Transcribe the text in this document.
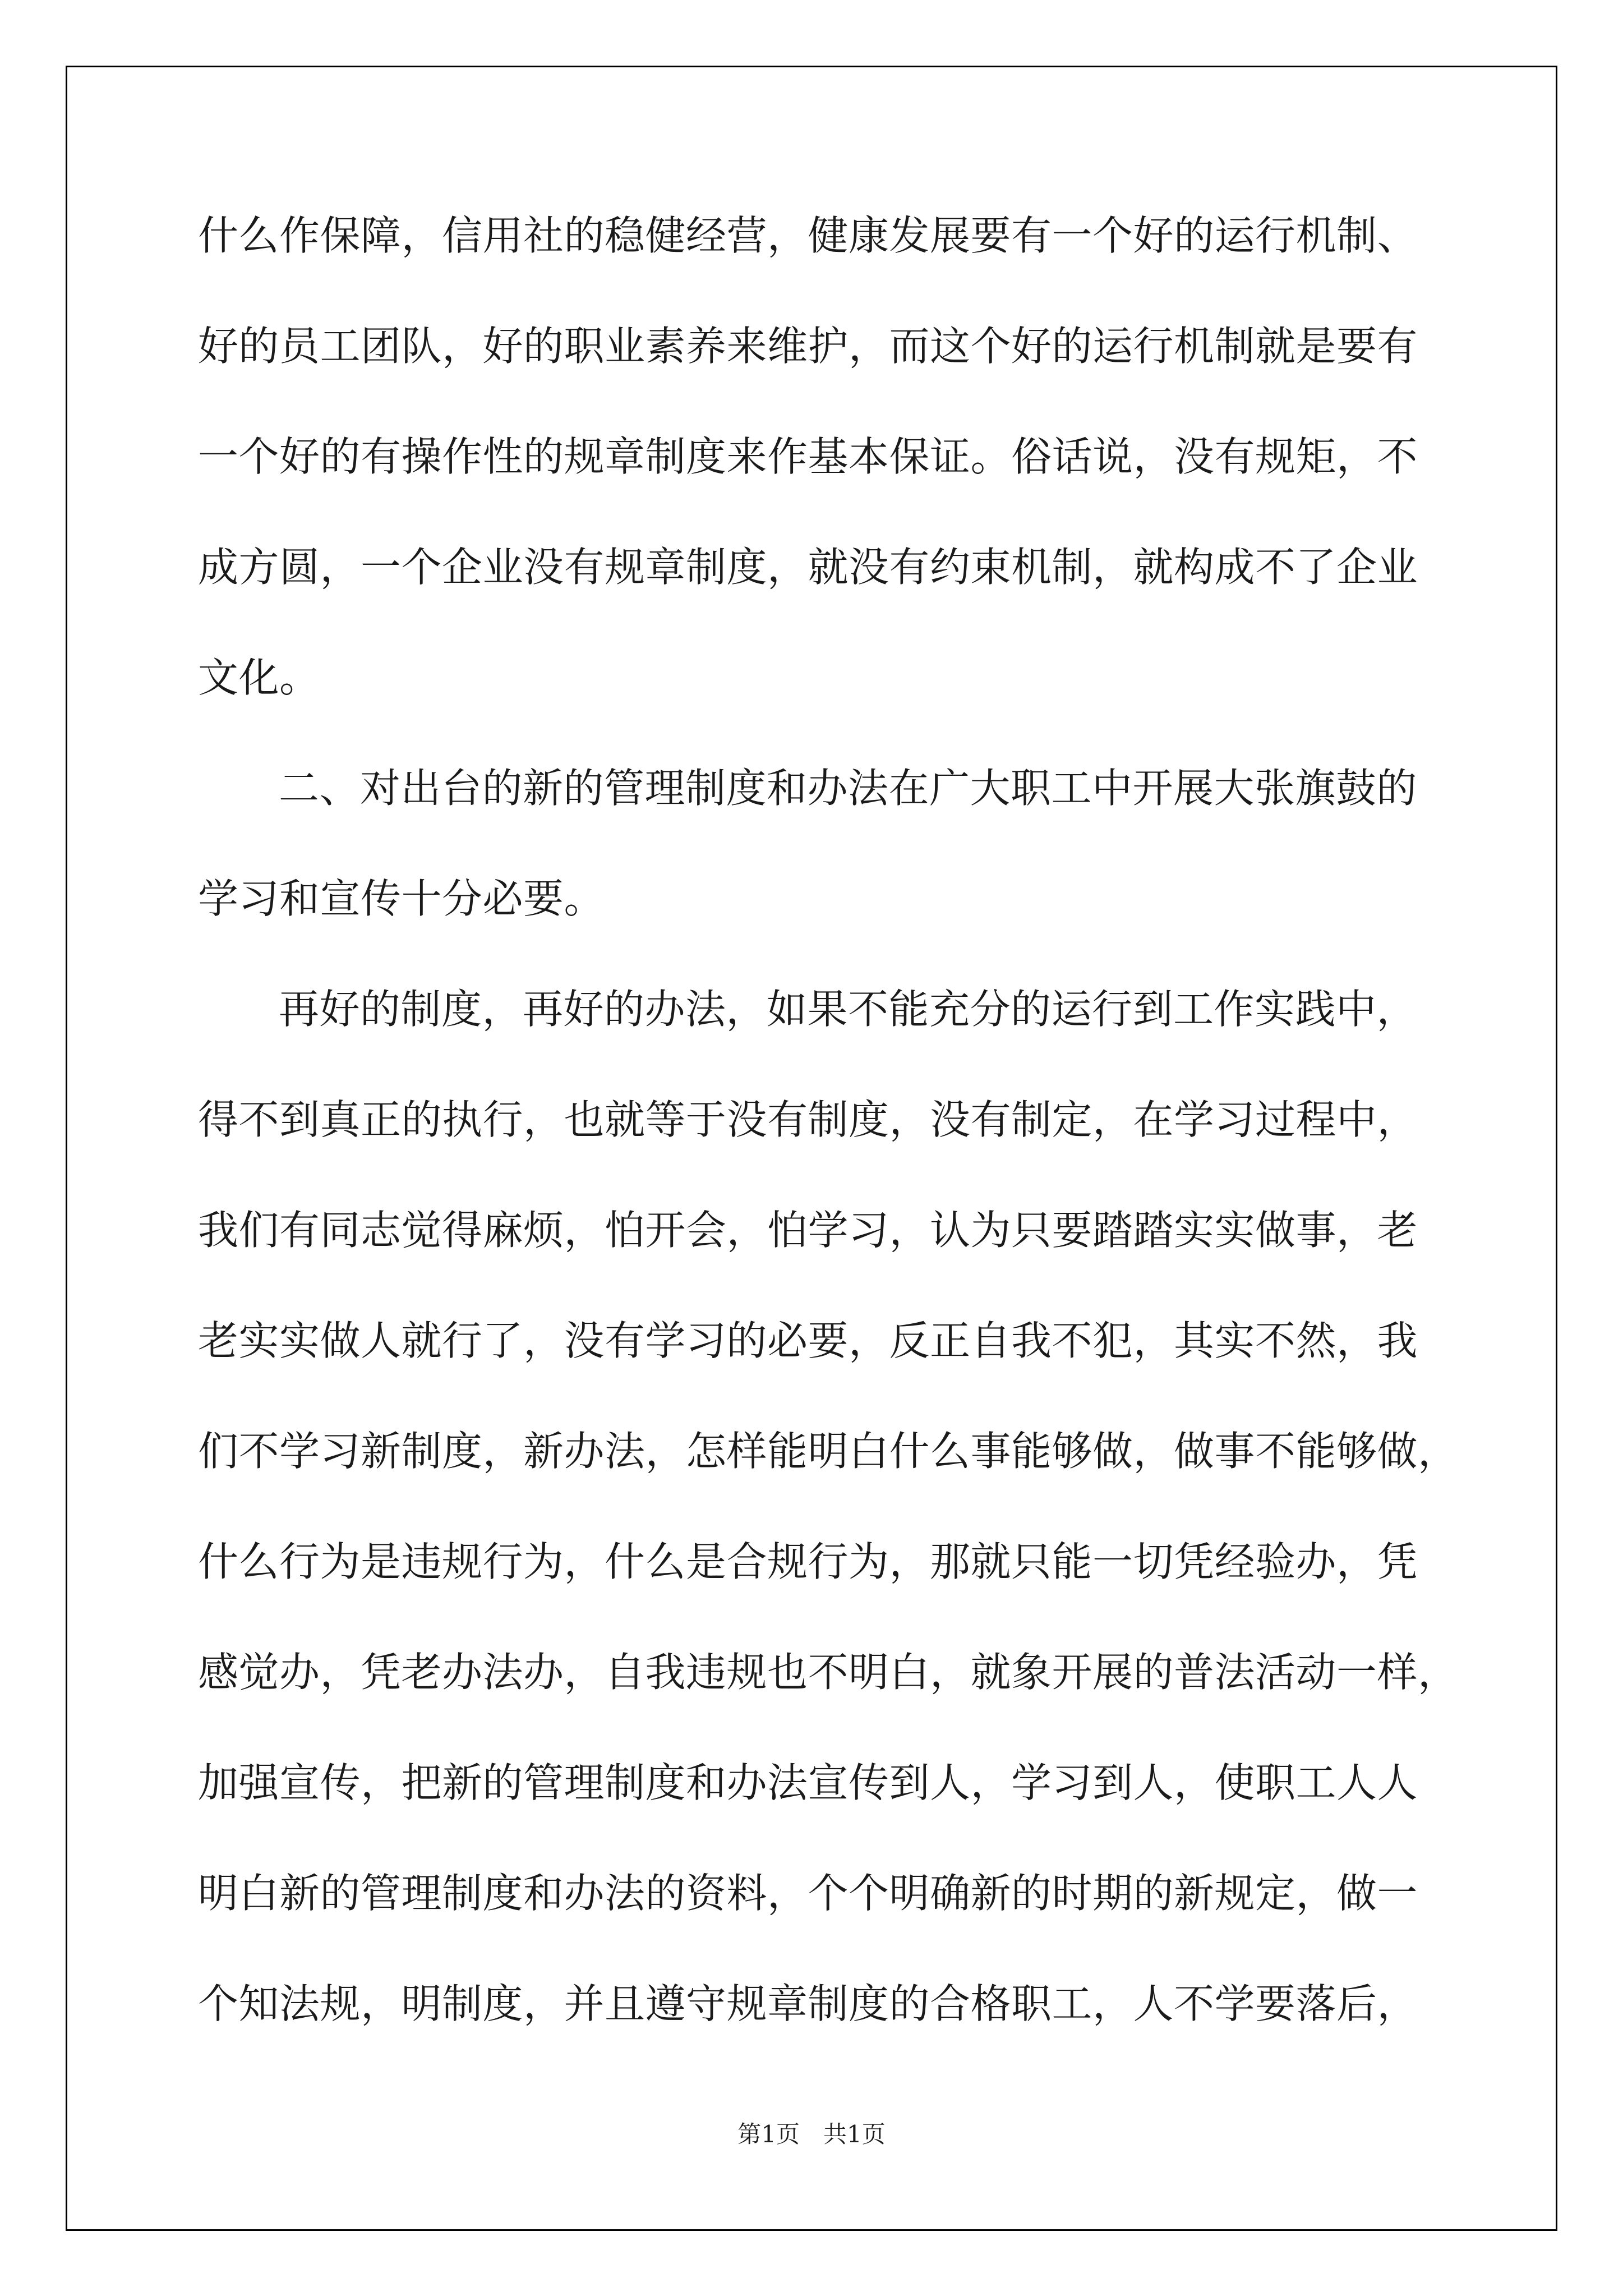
什么作保障，信用社的稳健经营，健康发展要有一个好的运行机制、
好的员工团队，好的职业素养来维护，而这个好的运行机制就是要有
一个好的有操作性的规章制度来作基本保证。俗话说，没有规矩，不
成方圆，一个企业没有规章制度，就没有约束机制，就构成不了企业
文化。
二、对出台的新的管理制度和办法在广大职工中开展大张旗鼓的
学习和宣传十分必要。
再好的制度，再好的办法，如果不能充分的运行到工作实践中，
得不到真正的执行，也就等于没有制度，没有制定，在学习过程中，
我们有同志觉得麻烦，怕开会，怕学习，认为只要踏踏实实做事，老
老实实做人就行了，没有学习的必要，反正自我不犯，其实不然，我
们不学习新制度，新办法，怎样能明白什么事能够做，做事不能够做，
什么行为是违规行为，什么是合规行为，那就只能一切凭经验办，凭
感觉办，凭老办法办，自我违规也不明白，就象开展的普法活动一样，
加强宣传，把新的管理制度和办法宣传到人，学习到人，使职工人人
明白新的管理制度和办法的资料，个个明确新的时期的新规定，做一
个知法规，明制度，并且遵守规章制度的合格职工，人不学要落后，
第1页　共1页
